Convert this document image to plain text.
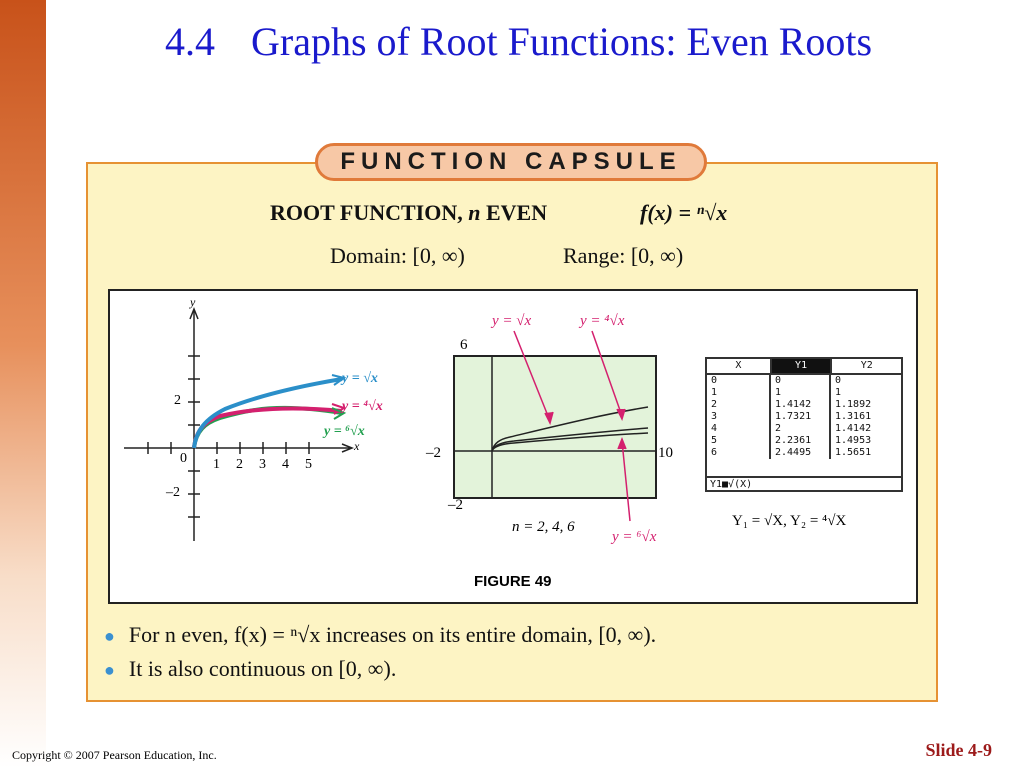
4.4 Graphs of Root Functions: Even Roots
FUNCTION CAPSULE
ROOT FUNCTION, n EVEN	f(x) = ⁿ√x
Domain: [0, ∞)	Range: [0, ∞)
y
x
2
–2
0 1 2 3 4 5
y = √x
y = ⁴√x
y = ⁶√x
6
–2	10
–2
y = √x	y = ⁴√x
y = ⁶√x
n = 2, 4, 6
FIGURE 49
X	Y1	Y2
0	0	0
1	1	1
2	1.4142	1.1892
3	1.7321	1.3161
4	2	1.4142
5	2.2361	1.4953
6	2.4495	1.5651
Y1■√(X)
Y₁ = √X, Y₂ = ⁴√X
● For n even, f(x) = ⁿ√x increases on its entire domain, [0, ∞).
● It is also continuous on [0, ∞).
Copyright © 2007 Pearson Education, Inc.	Slide 4-9
